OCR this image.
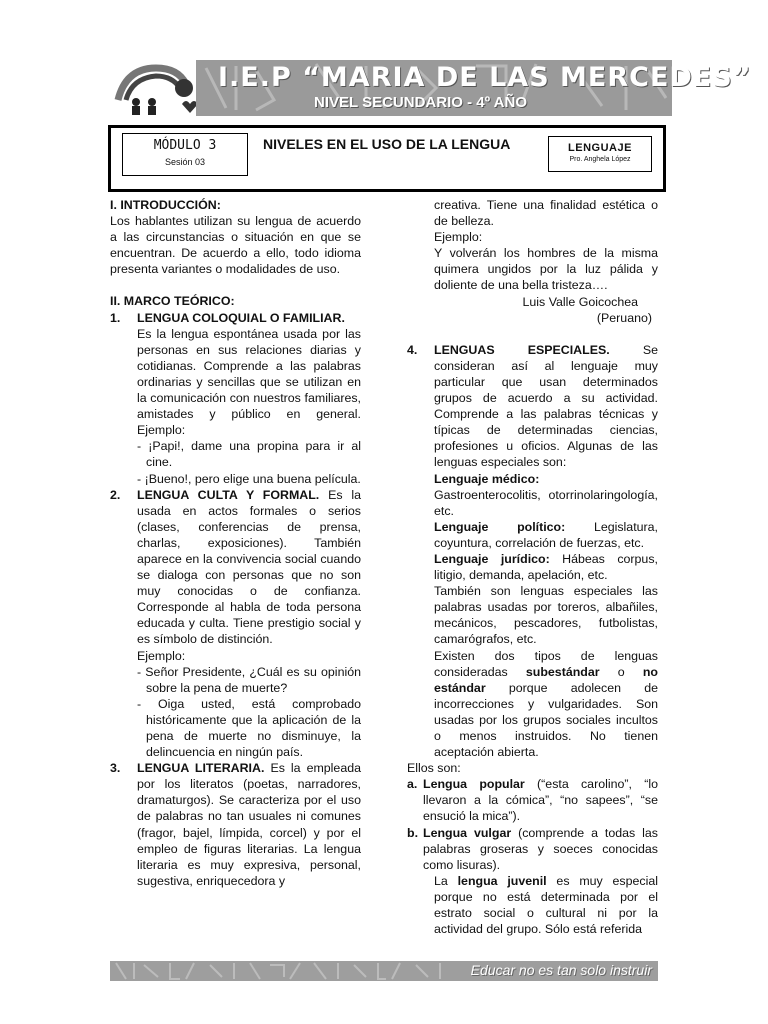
I.E.P “MARIA DE LAS MERCEDES”
NIVEL SECUNDARIO - 4º AÑO
MÓDULO 3
Sesión 03
NIVELES EN EL USO DE LA LENGUA	LENGUAJE
Pro. Anghela López

I. INTRODUCCIÓN:

Los hablantes utilizan su lengua de acuerdo a las circunstancias o situación en que se encuentran. De acuerdo a ello, todo idioma presenta variantes o modalidades de uso.

II. MARCO TEÓRICO:

1. LENGUA COLOQUIAL O FAMILIAR.

Es la lengua espontánea usada por las personas en sus relaciones diarias y cotidianas. Comprende a las palabras ordinarias y sencillas que se utilizan en la comunicación con nuestros familiares, amistades y público en general. Ejemplo:

- ¡Papi!, dame una propina para ir al cine.

- ¡Bueno!, pero elige una buena película.

2. LENGUA CULTA Y FORMAL. Es la usada en actos formales o serios (clases, conferencias de prensa, charlas, exposiciones). También aparece en la convivencia social cuando se dialoga con personas que no son muy conocidas o de confianza. Corresponde al habla de toda persona educada y culta. Tiene prestigio social y es símbolo de distinción.

Ejemplo:

- Señor Presidente, ¿Cuál es su opinión sobre la pena de muerte?

- Oiga usted, está comprobado históricamente que la aplicación de la pena de muerte no disminuye, la delincuencia en ningún país.

3. LENGUA LITERARIA. Es la empleada por los literatos (poetas, narradores, dramaturgos). Se caracteriza por el uso de palabras no tan usuales ni comunes (fragor, bajel, límpida, corcel) y por el empleo de figuras literarias. La lengua literaria es muy expresiva, personal, sugestiva, enriquecedora y

creativa. Tiene una finalidad estética o de belleza.

Ejemplo:

Y volverán los hombres de la misma quimera ungidos por la luz pálida y doliente de una bella tristeza….

Luis Valle Goicochea

(Peruano)

4. LENGUAS ESPECIALES.	Se consideran así al lenguaje muy particular que usan determinados grupos de acuerdo a su actividad. Comprende a las palabras técnicas y típicas de determinadas ciencias, profesiones u oficios. Algunas de las lenguas especiales son:

Lenguaje médico:

Gastroenterocolitis, otorrinolaringología, etc.

Lenguaje político: Legislatura, coyuntura, correlación de fuerzas, etc.

Lenguaje jurídico: Hábeas corpus, litigio, demanda, apelación, etc.

También son lenguas especiales las palabras usadas por toreros, albañiles, mecánicos, pescadores, futbolistas, camarógrafos, etc.

Existen dos tipos de lenguas consideradas subestándar o no estándar porque adolecen de incorrecciones y vulgaridades. Son usadas por los grupos sociales incultos o menos instruidos. No tienen aceptación abierta.

Ellos son:

a. Lengua popular (“esta carolino”, “lo llevaron a la cómica”, “no sapees”, “se ensució la mica”).

b. Lengua vulgar (comprende a todas las palabras groseras y soeces conocidas como lisuras).

La lengua juvenil es muy especial porque no está determinada por el estrato social o cultural ni por la actividad del grupo. Sólo está referida

Educar no es tan solo instruir
